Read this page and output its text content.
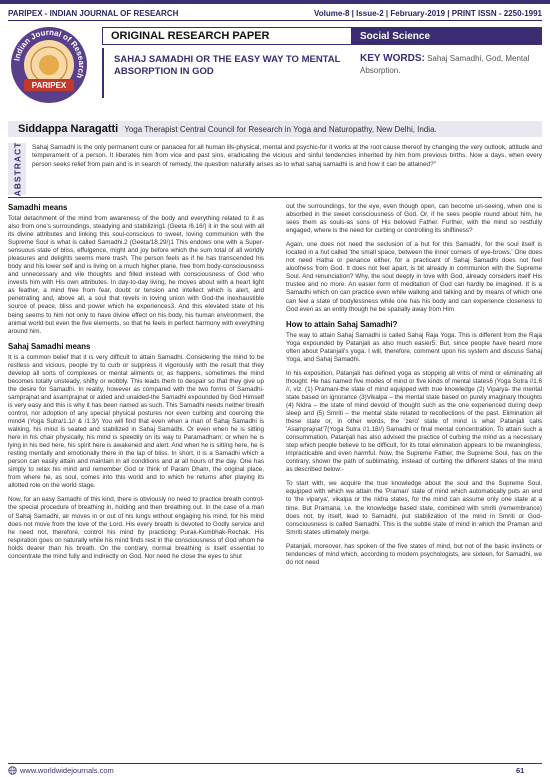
PARIPEX - INDIAN JOURNAL OF RESEARCH	Volume-8 | Issue-2 | February-2019 | PRINT ISSN - 2250-1991
Indian Journal of Research
PARIPEX
ORIGINAL RESEARCH PAPER	Social Science
SAHAJ SAMADHI OR THE EASY WAY TO MENTAL ABSORPTION IN GOD
KEY WORDS: Sahaj Samadhi, God, Mental Absorption.
Siddappa Naragatti Yoga Therapist Central Council for Research in Yoga and Naturopathy, New Delhi, India.
ABSTRACT Sahaj Samadhi is the only permanent cure or panacea for all human ills-physical, mental and psychic-for it works at the root cause thereof by changing the very outlook, attitude and temperament of a person. It liberates him from vice and past sins, eradicating the vicious and sinful tendencies inherited by him from previous births. Now a days, when every person seeks relief from pain and is in search of remedy, the question naturally arises as to what sahaj samadhi is and how it can be attained?"
Samadhi means

Total detachment of the mind from awareness of the body and everything related to it as also from one's surroundings, steadying and stabilizing1 (Geeta /6.16/) it in the soul with all its divine attributes and linking this soul-conscious to sweet, loving communion with the Supreme Soul is what is called Samadhi.2 (Geeta/18.29/)1 This endows one with a Super-sensuous state of bliss, effulgence, might and joy before which the sum total of all worldly pleasures and delights seems mere trash. The person feels as if he has transcended his body and his lower self and is living on a much higher plane, free from body-consciousness and unnecessary and vile thoughts and filled instead with consciousness of God who invests him with His own attributes. In day-to-day living, he moves about with a heart light as feather, a mind free from fear, doubt or tension and intellect which is alert, and penetrating and, above all, a soul that revels in loving union with God-the inexhaustible source of peace, bliss and power which he experiences3. And this elevated state of his being seems to him not only to have divine effect on his body, his human environment, the animal world but even the five elements, so that he feels in perfect harmony with everything around him.

Sahaj Samadhi means

It is a common belief that it is very difficult to attain Samadhi. Considering the mind to be restless and vicious, people try to curb or suppress it vigorously with the result that they develop all sorts of complexes or mental ailments or, as happens, sometimes the mind becomes totally unsteady, shifty or wobbly. This leads them to despair so that they give up the desire for Samadhi. In reality, however as compared with the two forms of Samadhi-samprajnat and asamprajnat or aided and unaided-the Samadhi expounded by God Himself is very easy and this is why it has been named as such. This Samadhi needs neither breath control, nor adoption of any special physical postures nor even curbing and coercing the mind4 (Yoga Sutra/1.1// & /1.3/) You will find that even when a man of Sahaj Samadhi is walking, his mind is seated and stabilized in Sahaj Samadhi. Or even when he is sitting here in his chair physically, his mind is speedily on its way to Paramadham; or when he is lying in his bed here, his spirit here is awakened and alert. And when he is sitting here, he is resting mentally and emotionally there in the lap of bliss. In short, it is a Samadhi which a person can easily attain and maintain in all conditions and at all hours of the day. One has simply to relax his mind and remember God or think of Param Dham, the original place, from where he, as soul, comes into this world and to which he returns after playing its allotted role on the world stage.

Now, for an easy Samadhi of this kind, there is obviously no need to practice breath control-the special procedure of breathing in, holding and then breathing out. In the case of a man of Sahaj Samadhi, air moves in or out of his lungs without engaging his mind, for his mind does not move from the love of the Lord. His every breath is devoted to Godly service and he need not, therefore, control his mind by practicing Purak-Kumbhak-Rechak. His respiration goes on naturally while his mind finds rest in the consciousness of God whom he holds dearer than his breath. On the contrary, normal breathing is itself essential to concentrate the mind fully and indirectly on God. Nor need he close the eyes to shut

out the surroundings, for the eye, even though open, can become un-seeing, when one is absorbed in the sweet consciousness of God. Or, if he sees people round about him, he sees them as souls-as sons of His beloved Father. Further, with the mind so restfully engaged, where is the need for curbing or controlling its shiftiness?

Again, one does not need the seclusion of a hut for this Samadhi, for the soul itself is located in a hut called 'the small space, between the inner corners of eye-brows.' One does not need Hatha or penance either, for a practicant of Sahaj Samadhi does not feel aloofness from God. It does not feel apart, is bit already in communion with the Supreme Soul. And renunciation? Why, the soul deeply in love with God, already considers itself His trustee and no more. An easier form of meditation of God can hardly be imagined. It is a Samadhi which on can practice even while walking and talking and by means of which one can feel a state of bodylessness while one has his body and can experience closeness to God even as an entity though he be spatially away from Him

How to attain Sahaj Samadhi?

The way to attain Sahaj Samadhi is called Sahaj Raja Yoga. This is different from the Raja Yoga expounded by Patanjali as also much easier5. But, since people have heard more often about Patanjali's yoga. I will, therefore, comment upon his system and discuss Sahaj Yoga, and Sahaj Samadhi.

In his exposition, Patanjali has defined yoga as stopping all vritis of mind or eliminating all thought. He has named five modes of mind or five kinds of mental states6 (Yoga Sutra //1.6 //, viz. (1) Pramani-the state of mind equipped with true knowledge (2) Viparya- the mental state based on ignorance (3)Vikalpa – the mental state based on purely imaginary thoughts (4) Nidra – the state of mind devoid of thought such as the one experienced during deep sleep and (5) Smriti – the mental state related to recollections of the past. Elimination all these state or, in other words, the 'zero' state of mind is what Patanjali calls 'Asamprajnat'7(Yoga Sutra //1.18//) Samadhi or final mental concentration. To attain such a consummation, Patanjali has also advised the practice of curbing the mind as a necessary step which people believe to be difficult, for its total elimination appears to be meaningless, impracticable and even harmful. Now, the Supreme Father, the Supreme Soul, has on the contrary, shown the path of sublimating, instead of curbing the different states of the mind as described below:-

To start with, we acquire the true knowledge about the soul and the Supreme Soul, equipped with which we attain the 'Praman' state of mind which automatically puts an end to 'the viparya', vikalpa or the nidra states, for the mind can assume only one state at a time. But Pramana, i.e. the knowledge based state, combined with smriti (remembrance) does not, by itself, lead to Samadhi, put stabilization of the mind in Smriti or God-consciousness is called Samadhi. This is the subtle state of mind in which the Praman and Smriti states ultimately merge.

Patanjali, moreover, has spoken of the five states of mind, but not of the basic instincts or tendencies of mind which, according to modern psychologists, are sixteen, for Samadhi, we do not need

www.worldwidejournals.com	61
